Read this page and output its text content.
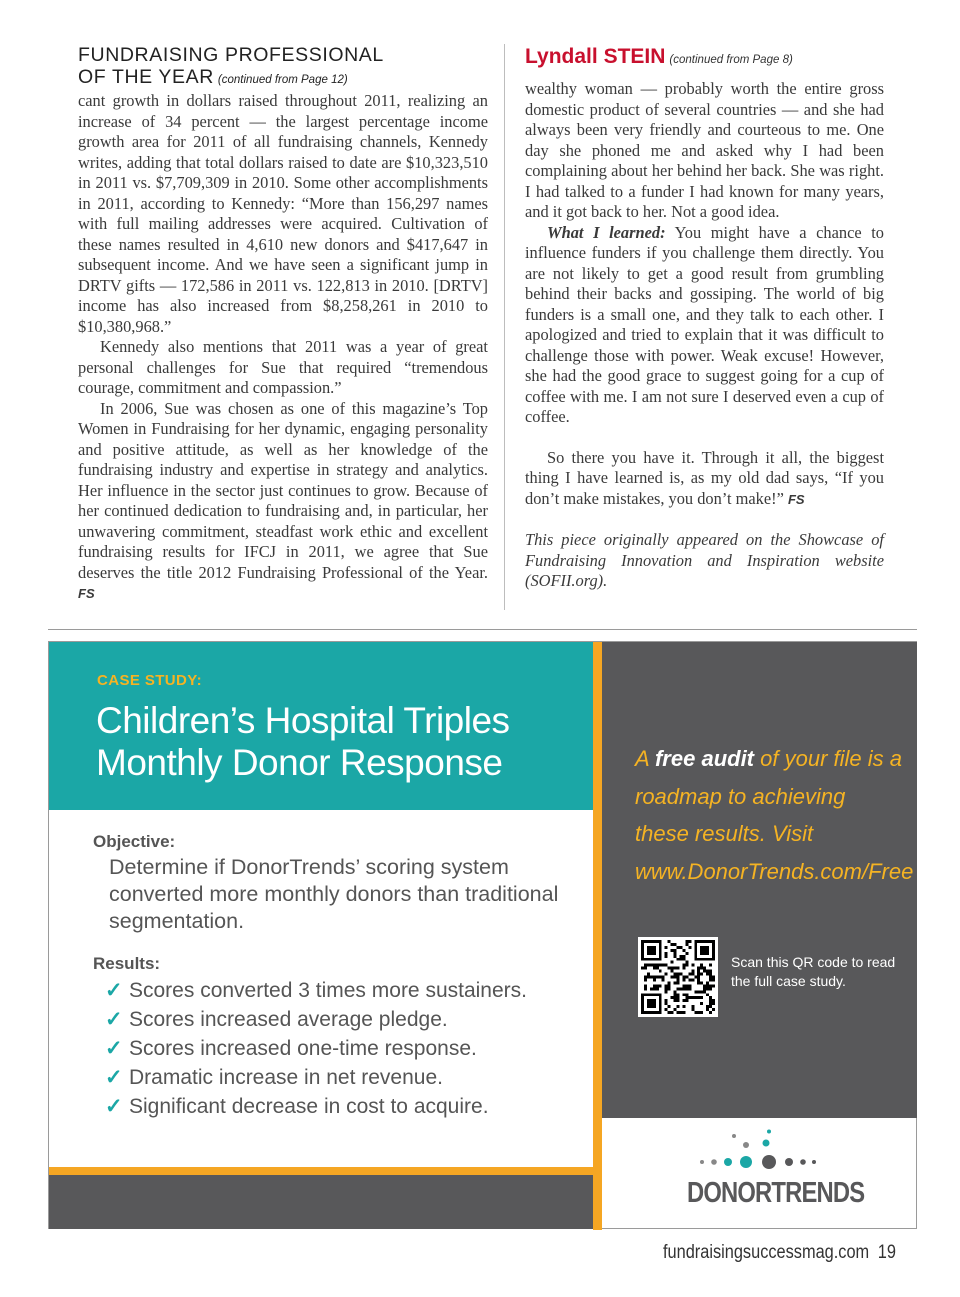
FUNDRAISING PROFESSIONAL
OF THE YEAR (continued from Page 12)

cant growth in dollars raised throughout 2011, realizing an increase of 34 percent — the largest percentage income growth area for 2011 of all fundraising channels, Kennedy writes, adding that total dollars raised to date are $10,323,510 in 2011 vs. $7,709,309 in 2010. Some other accomplishments in 2011, according to Kennedy: “More than 156,297 names with full mailing addresses were acquired. Cultivation of these names resulted in 4,610 new donors and $417,647 in subsequent income. And we have seen a significant jump in DRTV gifts — 172,586 in 2011 vs. 122,813 in 2010. [DRTV] income has also increased from $8,258,261 in 2010 to $10,380,968.”

Kennedy also mentions that 2011 was a year of great personal challenges for Sue that required “tremendous courage, commitment and compassion.”

In 2006, Sue was chosen as one of this magazine’s Top Women in Fundraising for her dynamic, engaging personality and positive attitude, as well as her knowledge of the fundraising industry and expertise in strategy and analytics. Her influence in the sector just continues to grow. Because of her continued dedication to fundraising and, in particular, her unwavering commitment, steadfast work ethic and excellent fundraising results for IFCJ in 2011, we agree that Sue deserves the title 2012 Fundraising Professional of the Year. FS

Lyndall STEIN (continued from Page 8)

wealthy woman — probably worth the entire gross domestic product of several countries — and she had always been very friendly and courteous to me. One day she phoned me and asked why I had been complaining about her behind her back. She was right. I had talked to a funder I had known for many years, and it got back to her. Not a good idea.

What I learned: You might have a chance to influence funders if you challenge them directly. You are not likely to get a good result from grumbling behind their backs and gossiping. The world of big funders is a small one, and they talk to each other. I apologized and tried to explain that it was difficult to challenge those with power. Weak excuse! However, she had the good grace to suggest going for a cup of coffee with me. I am not sure I deserved even a cup of coffee.

So there you have it. Through it all, the biggest thing I have learned is, as my old dad says, “If you don’t make mistakes, you don’t make!” FS

This piece originally appeared on the Showcase of Fundraising Innovation and Inspiration website (SOFII.org).

CASE STUDY:
Children’s Hospital Triples Monthly Donor Response
Objective:
Determine if DonorTrends’ scoring system converted more monthly donors than traditional segmentation.
Results:
✓ Scores converted 3 times more sustainers.
✓ Scores increased average pledge.
✓ Scores increased one-time response.
✓ Dramatic increase in net revenue.
✓ Significant decrease in cost to acquire.
A free audit of your file is a roadmap to achieving these results. Visit www.DonorTrends.com/Free
Scan this QR code to read the full case study.
DONORTRENDS
fundraisingsuccessmag.com 19
